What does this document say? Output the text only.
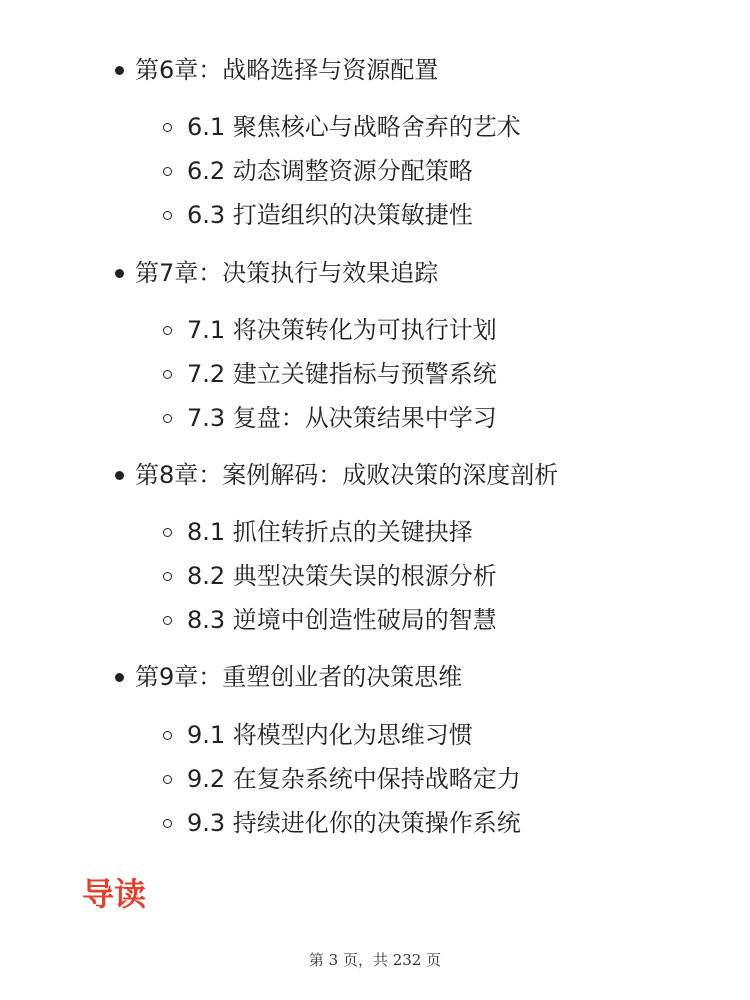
第6章：战略选择与资源配置
6.1 聚焦核心与战略舍弃的艺术
6.2 动态调整资源分配策略
6.3 打造组织的决策敏捷性
第7章：决策执行与效果追踪
7.1 将决策转化为可执行计划
7.2 建立关键指标与预警系统
7.3 复盘：从决策结果中学习
第8章：案例解码：成败决策的深度剖析
8.1 抓住转折点的关键抉择
8.2 典型决策失误的根源分析
8.3 逆境中创造性破局的智慧
第9章：重塑创业者的决策思维
9.1 将模型内化为思维习惯
9.2 在复杂系统中保持战略定力
9.3 持续进化你的决策操作系统
导读
第 3 页，共 232 页
